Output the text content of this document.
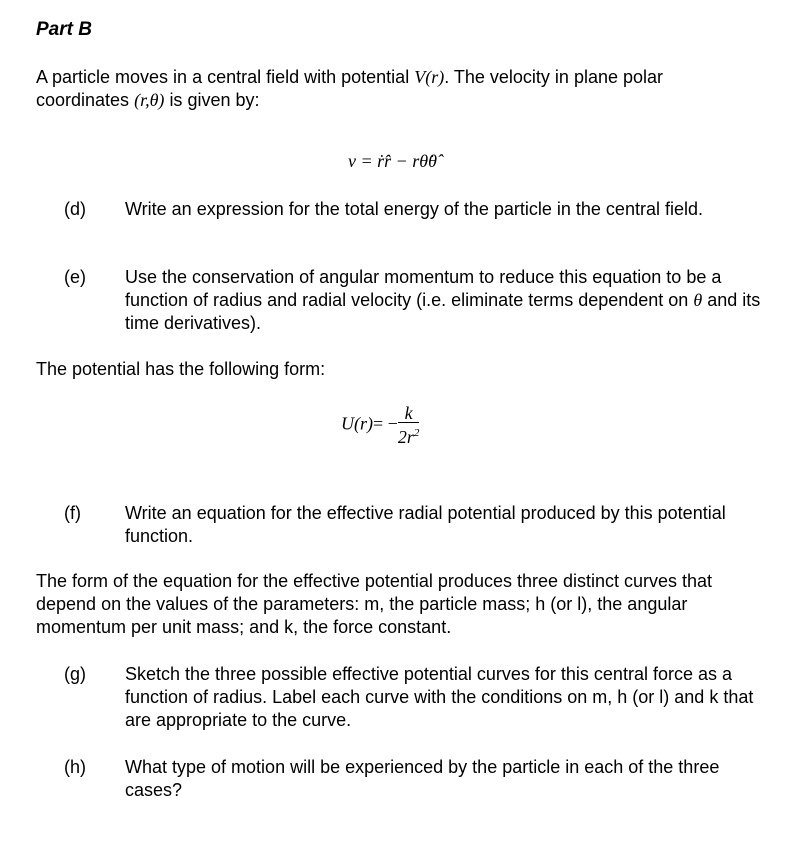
Part B
A particle moves in a central field with potential V(r). The velocity in plane polar
coordinates (r,θ) is given by:
v = ṙr̂ − rθ̇θ̂
(d) Write an expression for the total energy of the particle in the central field.
(e) Use the conservation of angular momentum to reduce this equation to be a function of radius and radial velocity (i.e. eliminate terms dependent on θ and its time derivatives).
The potential has the following form:
$U(r)= - \frac{k}{2r^2}$
(f) Write an equation for the effective radial potential produced by this potential function.
The form of the equation for the effective potential produces three distinct curves that depend on the values of the parameters: m, the particle mass; h (or l), the angular momentum per unit mass; and k, the force constant.
(g) Sketch the three possible effective potential curves for this central force as a function of radius. Label each curve with the conditions on m, h (or l) and k that are appropriate to the curve.
(h) What type of motion will be experienced by the particle in each of the three cases?
